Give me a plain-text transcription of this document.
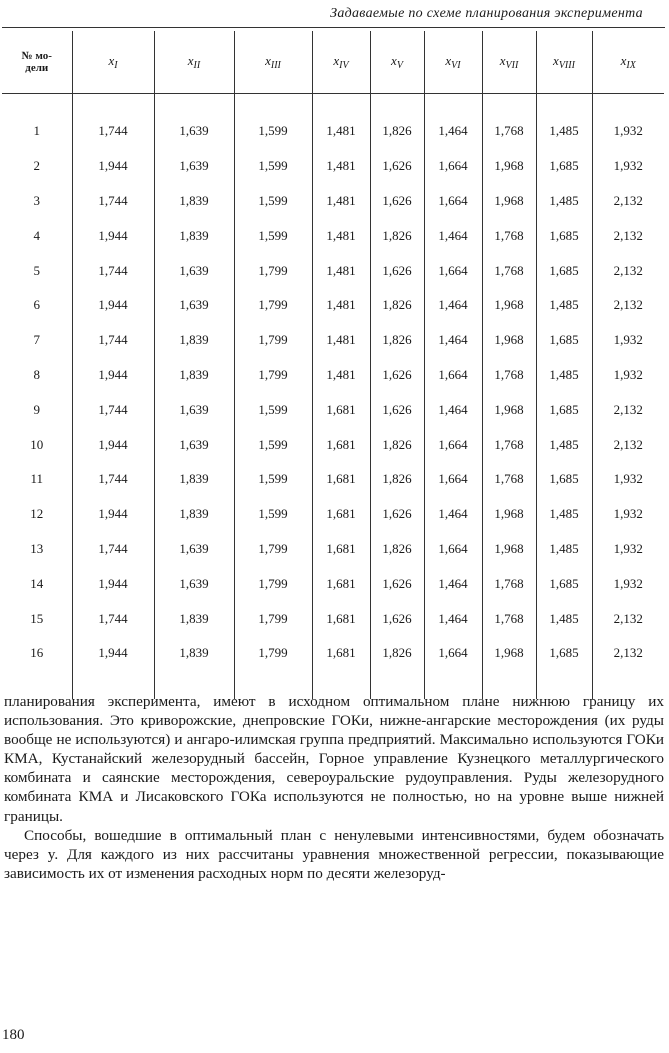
Задаваемые по схеме планирования эксперимента
№ мо-
дели	$x_I$	$x_{II}$	$x_{III}$	$x_{IV}$	$x_V$	$x_{VI}$	$x_{VII}$	$x_{VIII}$	$x_{IX}$

1	1,744	1,639	1,599	1,481	1,826	1,464	1,768	1,485	1,932
2	1,944	1,639	1,599	1,481	1,626	1,664	1,968	1,685	1,932
3	1,744	1,839	1,599	1,481	1,626	1,664	1,968	1,485	2,132
4	1,944	1,839	1,599	1,481	1,826	1,464	1,768	1,685	2,132
5	1,744	1,639	1,799	1,481	1,626	1,664	1,768	1,685	2,132
6	1,944	1,639	1,799	1,481	1,826	1,464	1,968	1,485	2,132
7	1,744	1,839	1,799	1,481	1,826	1,464	1,968	1,685	1,932
8	1,944	1,839	1,799	1,481	1,626	1,664	1,768	1,485	1,932
9	1,744	1,639	1,599	1,681	1,626	1,464	1,968	1,685	2,132
10	1,944	1,639	1,599	1,681	1,826	1,664	1,768	1,485	2,132
11	1,744	1,839	1,599	1,681	1,826	1,664	1,768	1,685	1,932
12	1,944	1,839	1,599	1,681	1,626	1,464	1,968	1,485	1,932
13	1,744	1,639	1,799	1,681	1,826	1,664	1,968	1,485	1,932
14	1,944	1,639	1,799	1,681	1,626	1,464	1,768	1,685	1,932
15	1,744	1,839	1,799	1,681	1,626	1,464	1,768	1,485	2,132
16	1,944	1,839	1,799	1,681	1,826	1,664	1,968	1,685	2,132

планирования эксперимента, имеют в исходном оптимальном плане нижнюю границу их использования. Это криворожские, днепровские ГОКи, нижне-ангарские месторождения (их руды вообще не используются) и ангаро-илимская группа предприятий. Максимально используются ГОКи КМА, Кустанайский железорудный бассейн, Горное управление Кузнецкого металлургического комбината и саянские месторождения, североуральские рудоуправления. Руды железорудного комбината КМА и Лисаковского ГОКа используются не полностью, но на уровне выше нижней границы.

Способы, вошедшие в оптимальный план с ненулевыми интенсивностями, будем обозначать через y. Для каждого из них рассчитаны уравнения множественной регрессии, показывающие зависимость их от изменения расходных норм по десяти железоруд-

180
